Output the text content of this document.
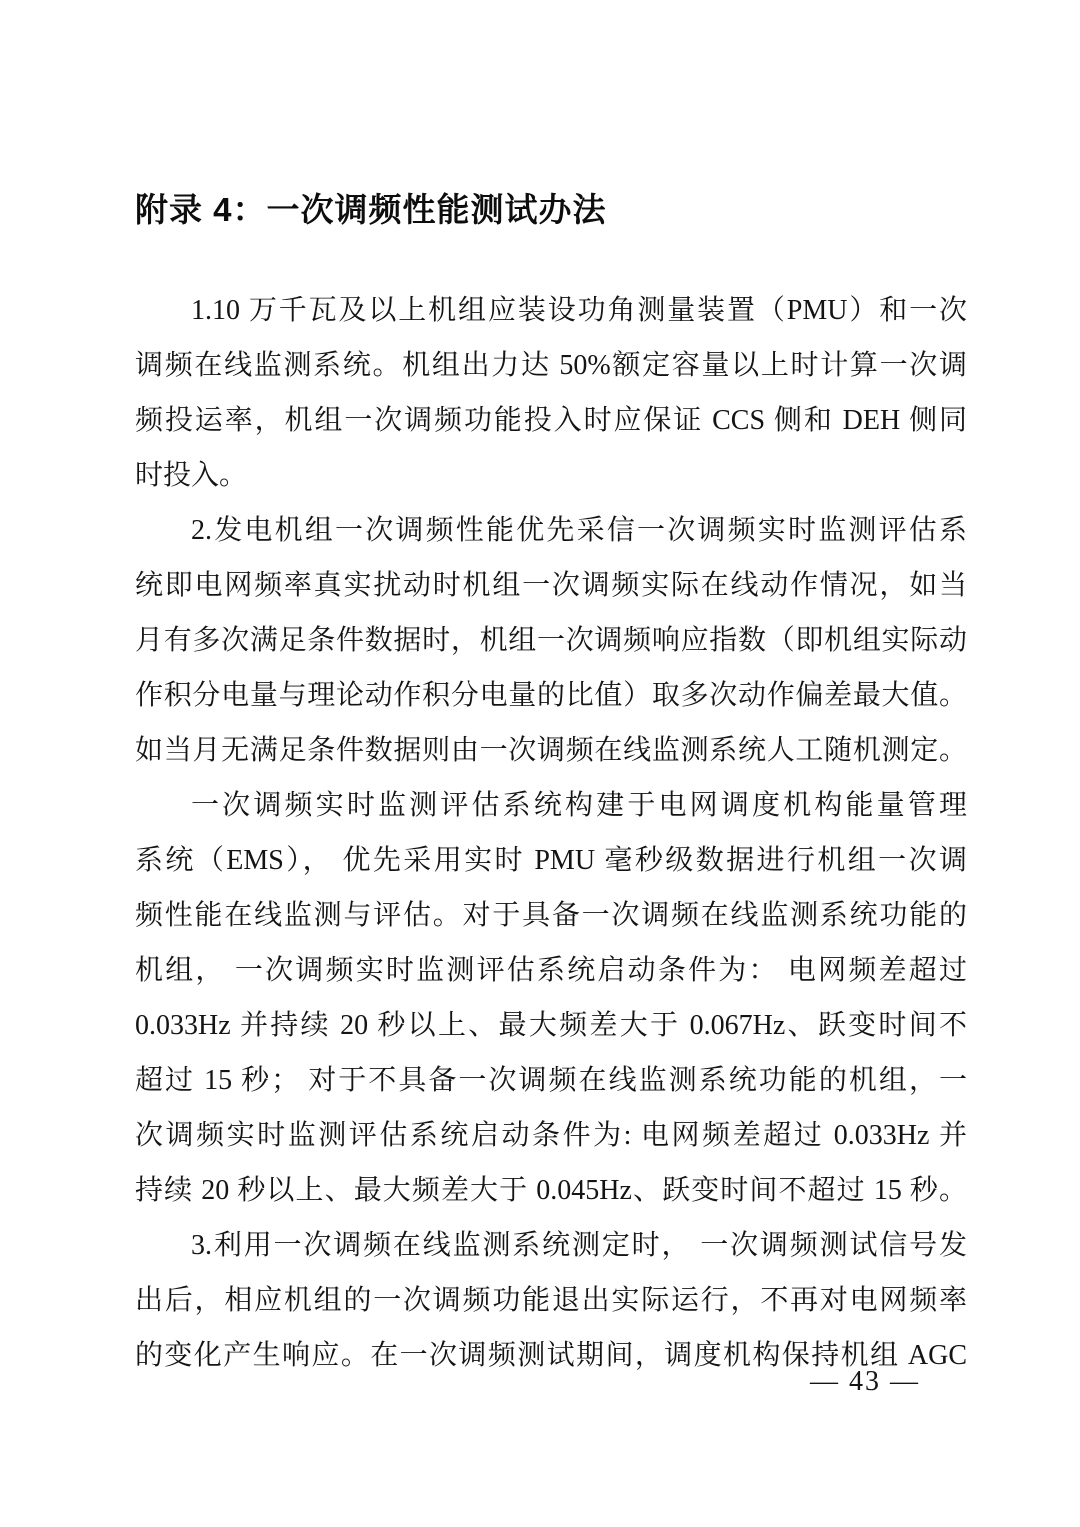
附录 4：一次调频性能测试办法
1.10 万千瓦及以上机组应装设功角测量装置（PMU）和一次
调频在线监测系统。机组出力达 50%额定容量以上时计算一次调
频投运率，机组一次调频功能投入时应保证 CCS 侧和 DEH 侧同
时投入。
2.发电机组一次调频性能优先采信一次调频实时监测评估系
统即电网频率真实扰动时机组一次调频实际在线动作情况，如当
月有多次满足条件数据时，机组一次调频响应指数（即机组实际动
作积分电量与理论动作积分电量的比值）取多次动作偏差最大值。
如当月无满足条件数据则由一次调频在线监测系统人工随机测定。
一次调频实时监测评估系统构建于电网调度机构能量管理
系统（EMS）， 优先采用实时 PMU 毫秒级数据进行机组一次调
频性能在线监测与评估。对于具备一次调频在线监测系统功能的
机组， 一次调频实时监测评估系统启动条件为： 电网频差超过
0.033Hz 并持续 20 秒以上、最大频差大于 0.067Hz、跃变时间不
超过 15 秒； 对于不具备一次调频在线监测系统功能的机组，一
次调频实时监测评估系统启动条件为: 电网频差超过 0.033Hz 并
持续 20 秒以上、最大频差大于 0.045Hz、跃变时间不超过 15 秒。
3.利用一次调频在线监测系统测定时， 一次调频测试信号发
出后，相应机组的一次调频功能退出实际运行，不再对电网频率
的变化产生响应。在一次调频测试期间，调度机构保持机组 AGC
— 43 —
